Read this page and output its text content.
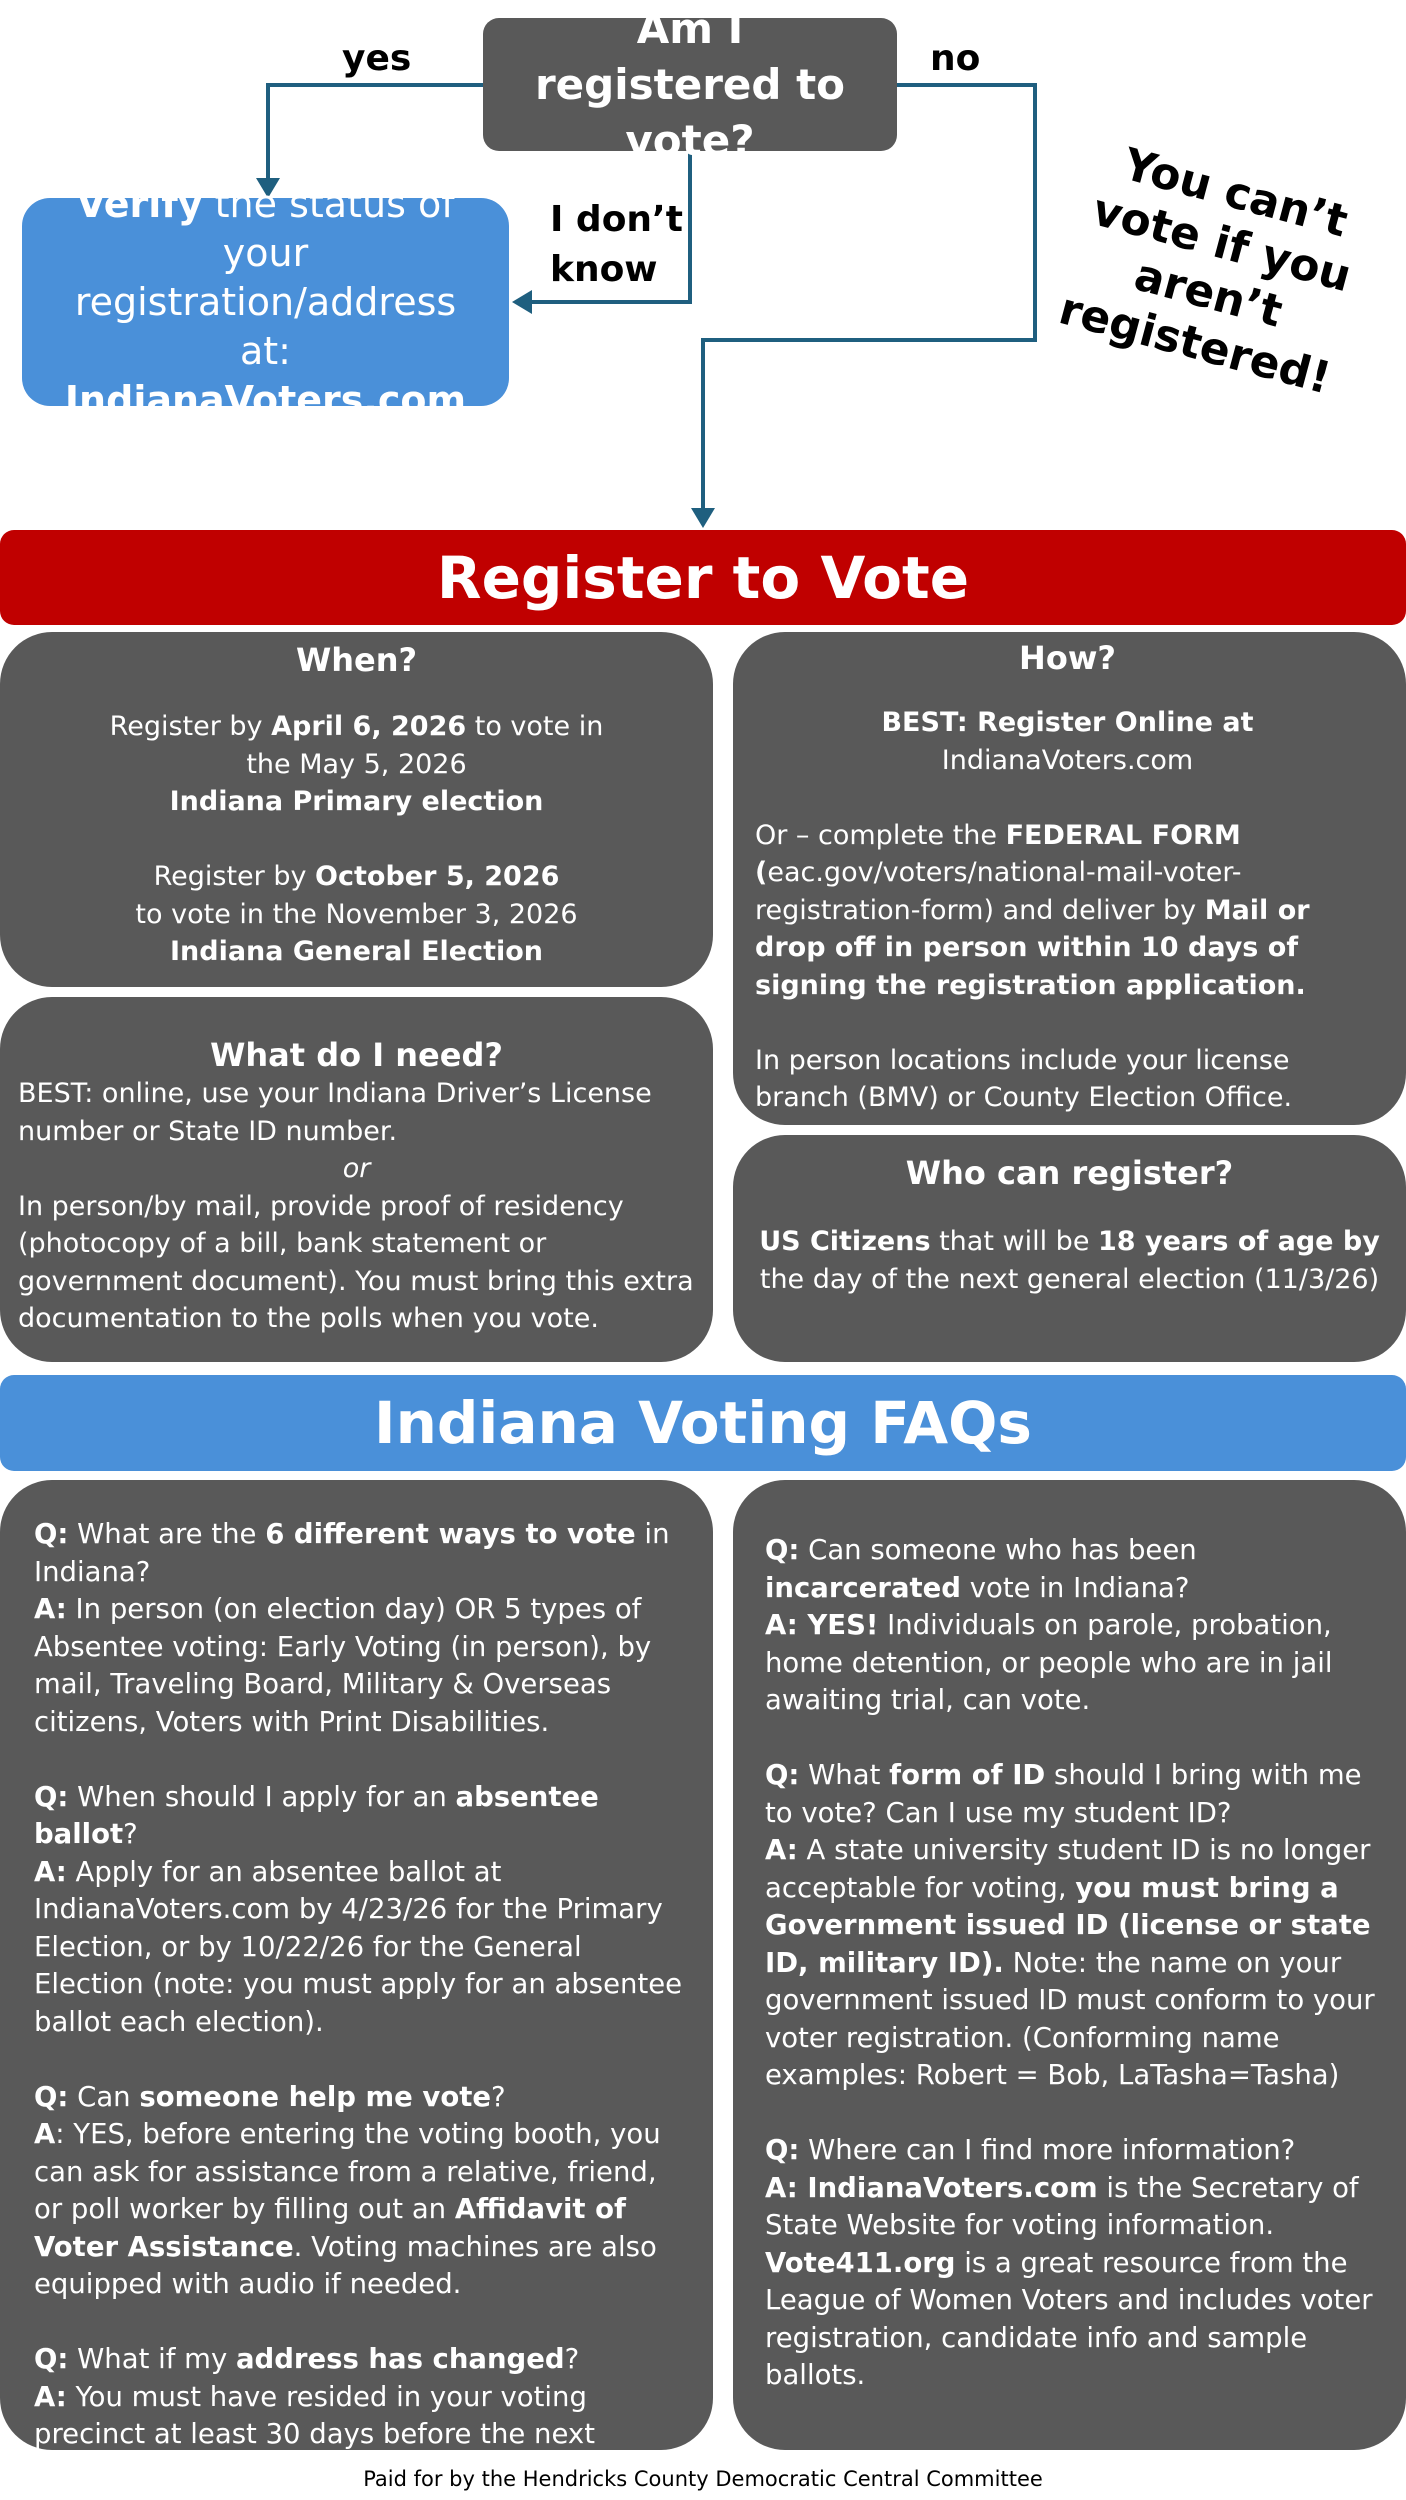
Am I registered to vote?
yes	no
I don’t know
Verify the status of your registration/address at:
IndianaVoters.com
You can’t vote if you aren’t registered!
Register to Vote
When?

Register by April 6, 2026 to vote in the May 5, 2026
Indiana Primary election

Register by October 5, 2026
to vote in the November 3, 2026
Indiana General Election

How?

BEST: Register Online at IndianaVoters.com

Or – complete the FEDERAL FORM (eac.gov/voters/national-mail-voter-registration-form) and deliver by Mail or drop off in person within 10 days of signing the registration application.

In person locations include your license branch (BMV) or County Election Office.

What do I need?

BEST: online, use your Indiana Driver’s License number or State ID number.

or

In person/by mail, provide proof of residency (photocopy of a bill, bank statement or government document). You must bring this extra documentation to the polls when you vote.

Who can register?

US Citizens that will be 18 years of age by the day of the next general election (11/3/26)

Indiana Voting FAQs

Q: What are the 6 different ways to vote in Indiana?

A: In person (on election day) OR 5 types of Absentee voting: Early Voting (in person), by mail, Traveling Board, Military & Overseas citizens, Voters with Print Disabilities.

Q: When should I apply for an absentee ballot?

A: Apply for an absentee ballot at IndianaVoters.com by 4/23/26 for the Primary Election, or by 10/22/26 for the General Election (note: you must apply for an absentee ballot each election).

Q: Can someone help me vote?

A: YES, before entering the voting booth, you can ask for assistance from a relative, friend, or poll worker by filling out an Affidavit of Voter Assistance. Voting machines are also equipped with audio if needed.

Q: What if my address has changed?

A: You must have resided in your voting precinct at least 30 days before the next election to vote.

Q: Can someone who has been incarcerated vote in Indiana?

A: YES! Individuals on parole, probation, home detention, or people who are in jail awaiting trial, can vote.

Q: What form of ID should I bring with me to vote? Can I use my student ID?

A: A state university student ID is no longer acceptable for voting, you must bring a Government issued ID (license or state ID, military ID). Note: the name on your government issued ID must conform to your voter registration. (Conforming name examples: Robert = Bob, LaTasha=Tasha)

Q: Where can I find more information?

A: IndianaVoters.com is the Secretary of State Website for voting information. Vote411.org is a great resource from the League of Women Voters and includes voter registration, candidate info and sample ballots.

Paid for by the Hendricks County Democratic Central Committee
